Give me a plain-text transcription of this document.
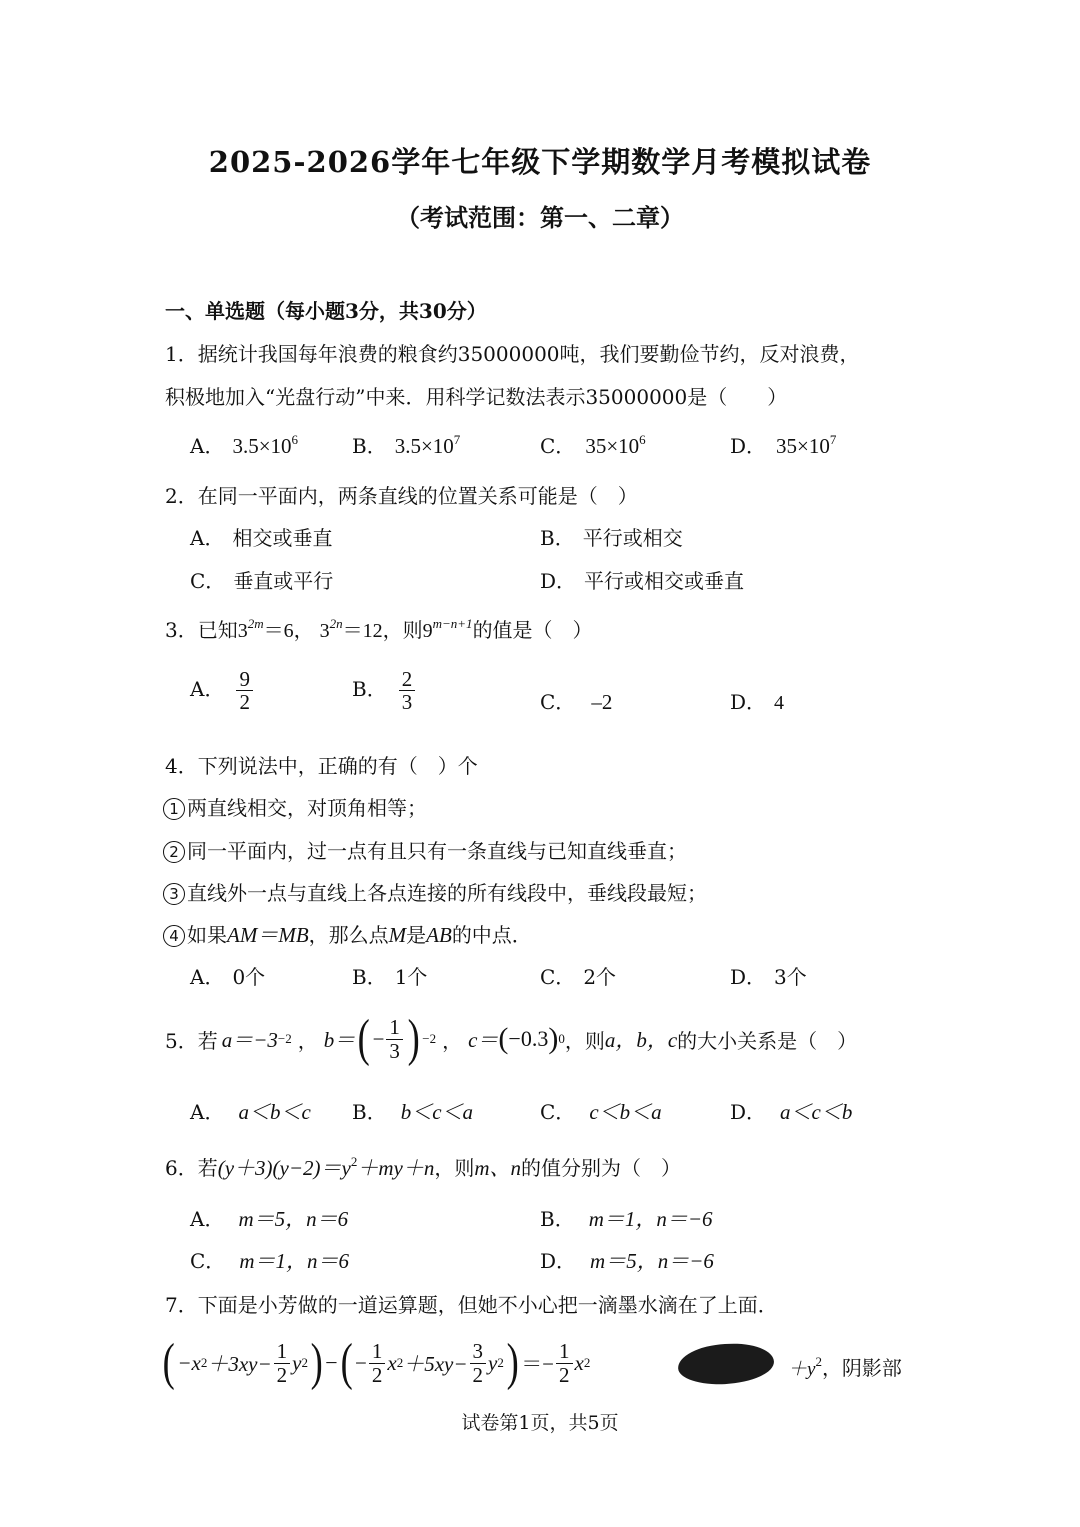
2025-2026学年七年级下学期数学月考模拟试卷
（考试范围：第一、二章）
一、单选题（每小题3分，共30分）
1．据统计我国每年浪费的粮食约35000000吨，我们要勤俭节约，反对浪费，
积极地加入“光盘行动”中来．用科学记数法表示35000000是（　　）
A． $3.5\times 10^6$	B． $3.5\times 10^7$	C． $35\times 10^6$	D． $35\times 10^7$
2．在同一平面内，两条直线的位置关系可能是（　）
A． 相交或垂直	B． 平行或相交
C． 垂直或平行	D． 平行或相交或垂直
3．已知$3^{2m}=6$， $3^{2n}=12$，则$9^{m-n+1}$的值是（　）
A． $\frac{9}{2}$	B． $\frac{2}{3}$	C． –2	D． 4
4．下列说法中，正确的有（　）个
1 两直线相交，对顶角相等；
2 同一平面内，过一点有且只有一条直线与已知直线垂直；
3 直线外一点与直线上各点连接的所有线段中，垂线段最短；
4 如果AM＝MB，那么点M是AB的中点．
A． 0个	B． 1个	C． 2个	D． 3个
5．若 a＝−3 −2 ， b＝ ( − $\frac{1}{3}$ ) −2 ， c＝ ( −0.3 ) 0 ，则 a，b，c 的大小关系是（　）
A． a＜b＜c B． b＜c＜a	C． c＜b＜a	D． a＜c＜b
6．若$(y+3)(y-2)=y^2+my+n$，则m、n的值分别为（　）
A． m＝5，n＝6	B． m＝1，n＝−6
C． m＝1，n＝6	D． m＝5，n＝−6
7．下面是小芳做的一道运算题，但她不小心把一滴墨水滴在了上面．
( −x $2 +3xy- \frac{1}{2}$ y 2 ) − ( − $\frac{1}{2}$ x $2 +5xy- \frac{3}{2}$ y 2 ) ＝− $\frac{1}{2}$ x 2	$+y^2$，阴影部
试卷第1页，共5页
